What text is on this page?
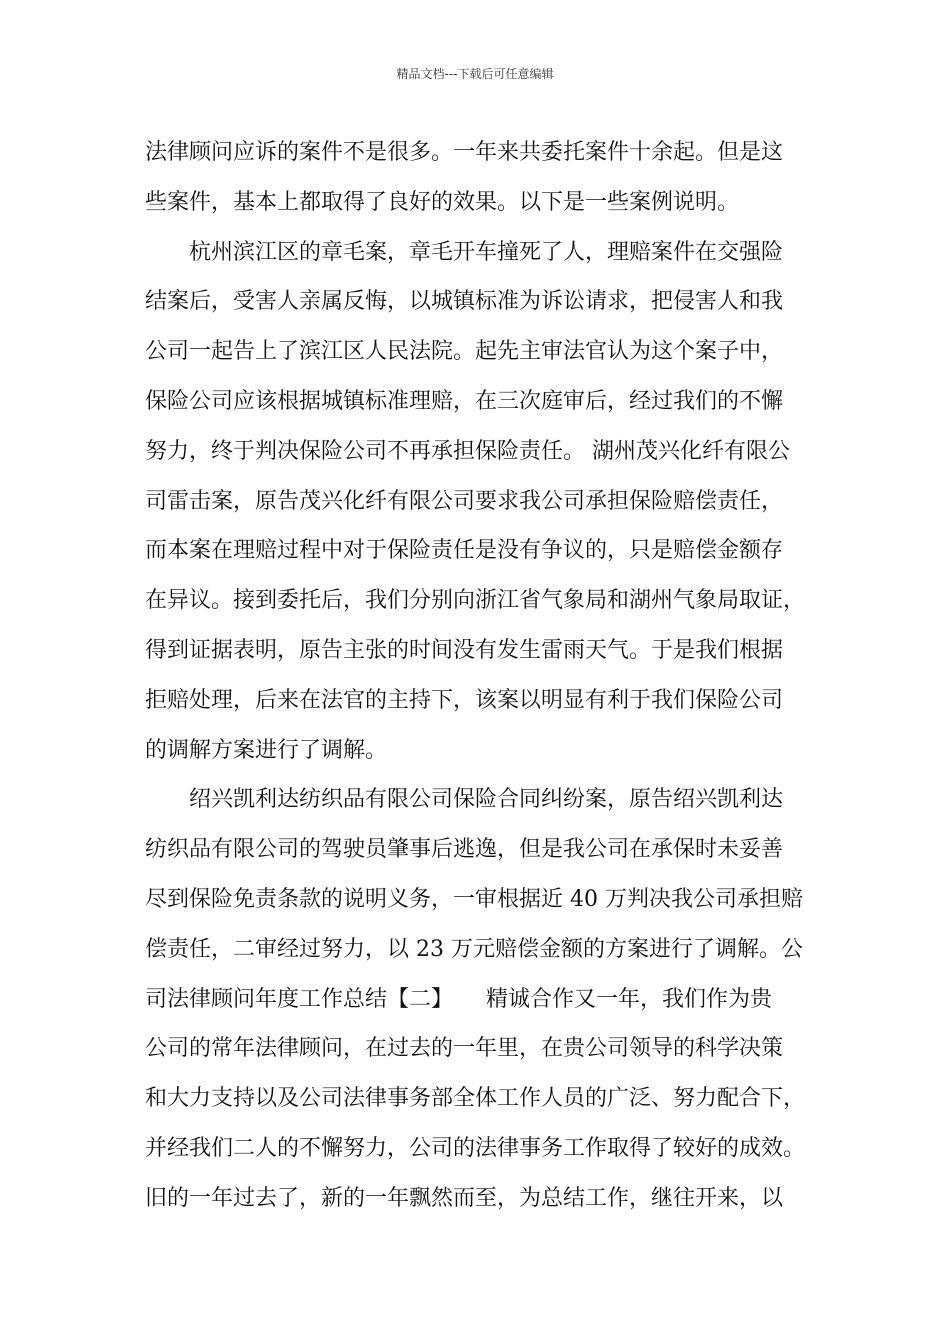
精品文档---下载后可任意编辑
法律顾问应诉的案件不是很多。一年来共委托案件十余起。但是这
些案件，基本上都取得了良好的效果。以下是一些案例说明。
杭州滨江区的章毛案，章毛开车撞死了人，理赔案件在交强险
结案后，受害人亲属反悔，以城镇标准为诉讼请求，把侵害人和我
公司一起告上了滨江区人民法院。起先主审法官认为这个案子中，
保险公司应该根据城镇标准理赔，在三次庭审后，经过我们的不懈
努力，终于判决保险公司不再承担保险责任。 湖州茂兴化纤有限公
司雷击案，原告茂兴化纤有限公司要求我公司承担保险赔偿责任，
而本案在理赔过程中对于保险责任是没有争议的，只是赔偿金额存
在异议。接到委托后，我们分别向浙江省气象局和湖州气象局取证，
得到证据表明，原告主张的时间没有发生雷雨天气。于是我们根据
拒赔处理，后来在法官的主持下，该案以明显有利于我们保险公司
的调解方案进行了调解。
绍兴凯利达纺织品有限公司保险合同纠纷案，原告绍兴凯利达
纺织品有限公司的驾驶员肇事后逃逸，但是我公司在承保时未妥善
尽到保险免责条款的说明义务，一审根据近 40 万判决我公司承担赔
偿责任，二审经过努力，以 23 万元赔偿金额的方案进行了调解。公
司法律顾问年度工作总结【二】　　精诚合作又一年，我们作为贵
公司的常年法律顾问，在过去的一年里，在贵公司领导的科学决策
和大力支持以及公司法律事务部全体工作人员的广泛、努力配合下，
并经我们二人的不懈努力，公司的法律事务工作取得了较好的成效。
旧的一年过去了，新的一年飘然而至，为总结工作，继往开来，以
